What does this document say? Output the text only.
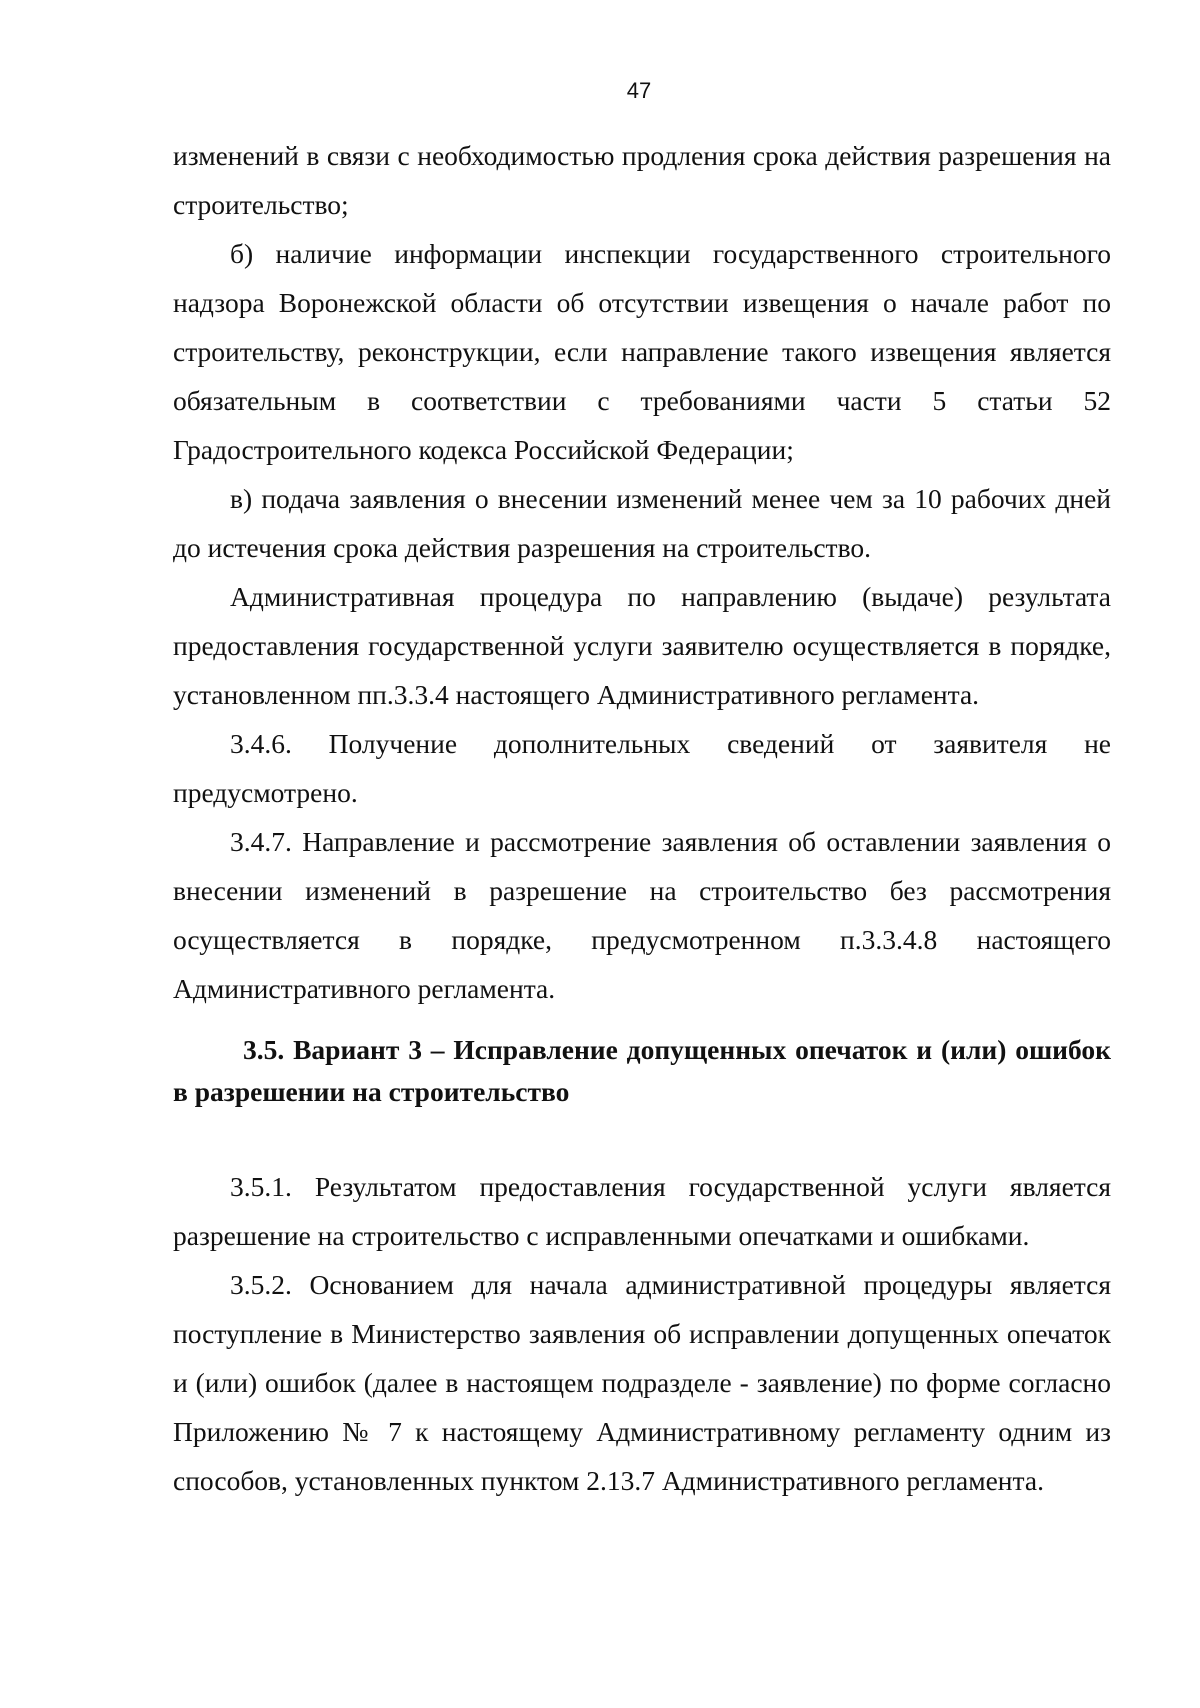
47

изменений в связи с необходимостью продления срока действия разрешения на строительство;

б) наличие информации инспекции государственного строительного надзора Воронежской области об отсутствии извещения о начале работ по строительству, реконструкции, если направление такого извещения является обязательным в соответствии с требованиями части 5 статьи 52 Градостроительного кодекса Российской Федерации;

в) подача заявления о внесении изменений менее чем за 10 рабочих дней до истечения срока действия разрешения на строительство.

Административная процедура по направлению (выдаче) результата предоставления государственной услуги заявителю осуществляется в порядке, установленном пп.3.3.4 настоящего Административного регламента.

3.4.6. Получение дополнительных сведений от заявителя не предусмотрено.

3.4.7. Направление и рассмотрение заявления об оставлении заявления о внесении изменений в разрешение на строительство без рассмотрения осуществляется в порядке, предусмотренном п.3.3.4.8 настоящего Административного регламента.

3.5. Вариант 3 – Исправление допущенных опечаток и (или) ошибок в разрешении на строительство

3.5.1. Результатом предоставления государственной услуги является разрешение на строительство с исправленными опечатками и ошибками.

3.5.2. Основанием для начала административной процедуры является поступление в Министерство заявления об исправлении допущенных опечаток и (или) ошибок (далее в настоящем подразделе - заявление) по форме согласно Приложению № 7 к настоящему Административному регламенту одним из способов, установленных пунктом 2.13.7 Административного регламента.
